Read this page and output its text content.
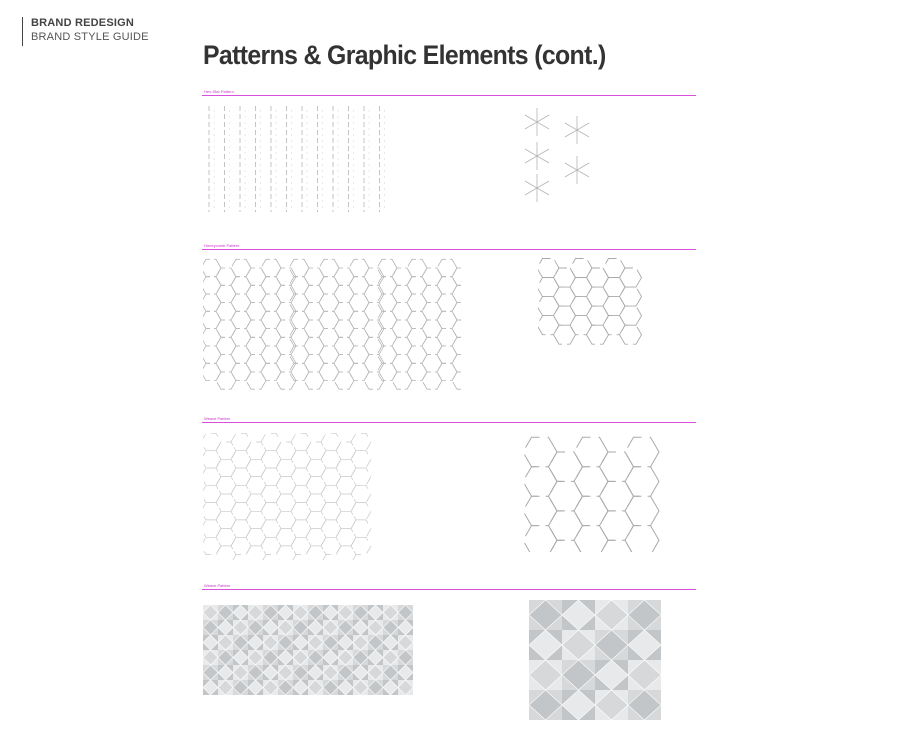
BRAND REDESIGN
BRAND STYLE GUIDE
Patterns & Graphic Elements (cont.)
Hex-Star Pattern
Honeycomb Pattern
Weave Pattern
Weave Pattern
